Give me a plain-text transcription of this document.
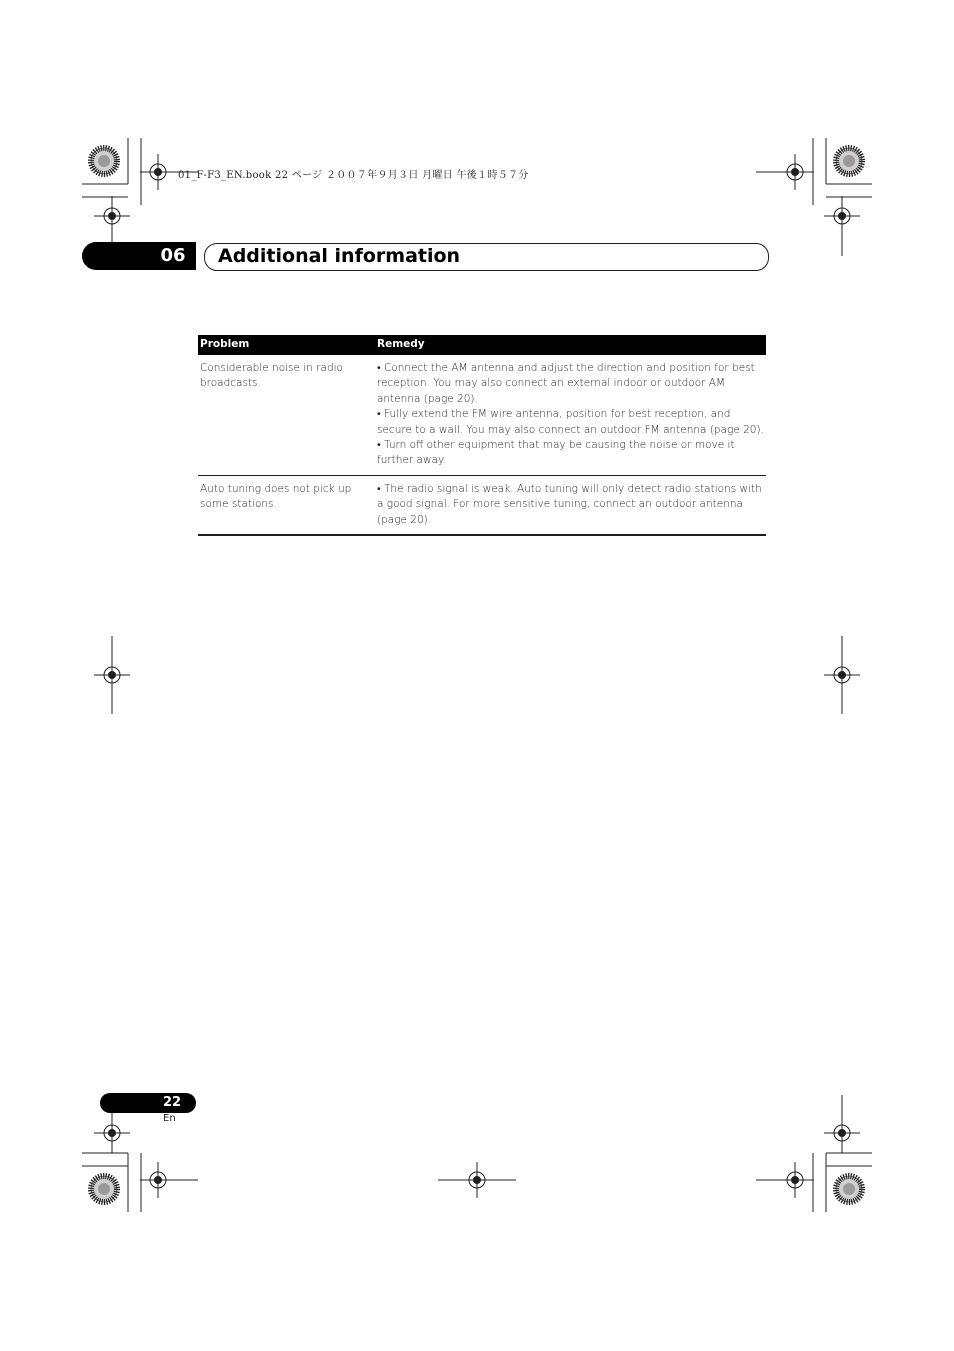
01_F-F3_EN.book 22 ページ ２００７年９月３日 月曜日 午後１時５７分
06	Additional information
Problem	Remedy
Considerable noise in radio broadcasts.	• Connect the AM antenna and adjust the direction and position for best reception. You may also connect an external indoor or outdoor AM antenna (page 20).
• Fully extend the FM wire antenna, position for best reception, and secure to a wall. You may also connect an outdoor FM antenna (page 20).
• Turn off other equipment that may be causing the noise or move it further away.

Auto tuning does not pick up some stations.	• The radio signal is weak. Auto tuning will only detect radio stations with a good signal. For more sensitive tuning, connect an outdoor antenna (page 20).
22
En
